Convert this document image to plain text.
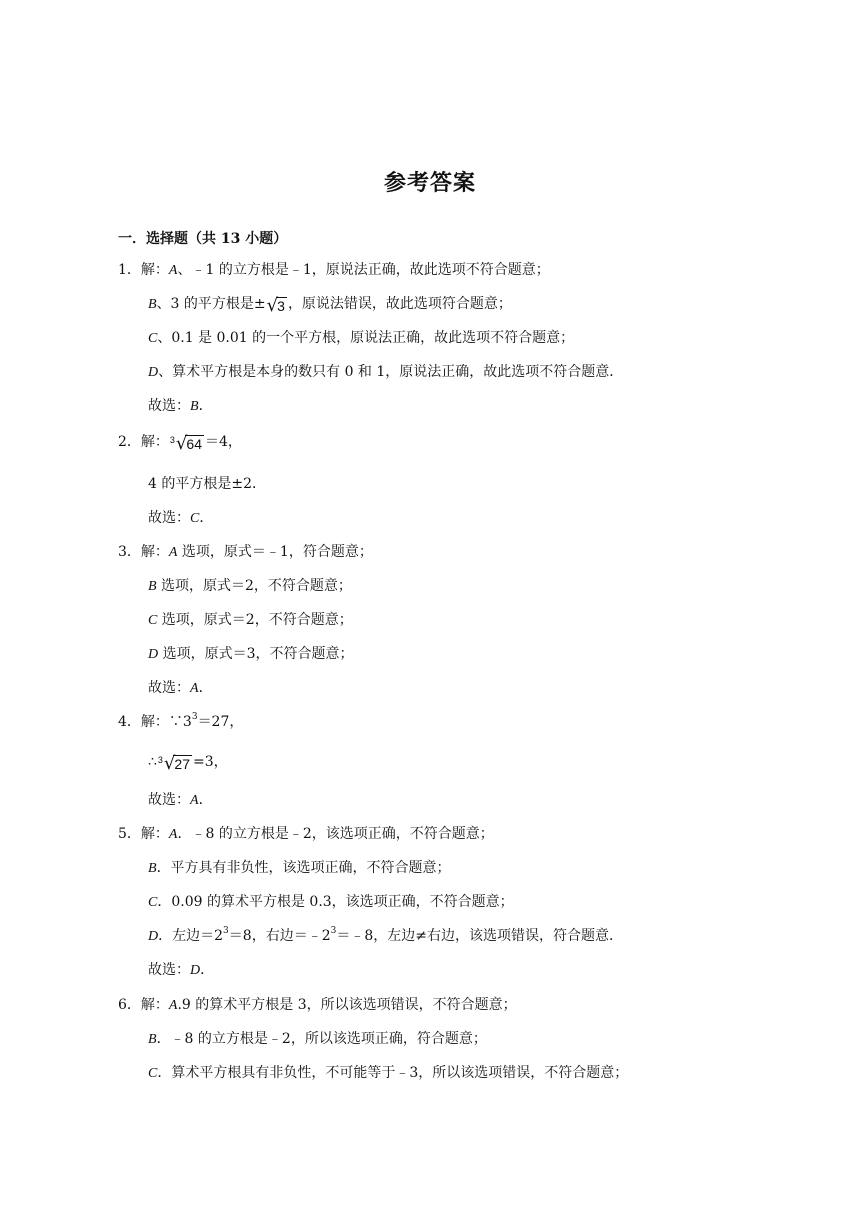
参考答案
一．选择题（共 13 小题）
1．解：A、﹣1 的立方根是﹣1，原说法正确，故此选项不符合题意；
B、3 的平方根是±√3 ，原说法错误，故此选项符合题意；
C、0.1 是 0.01 的一个平方根，原说法正确，故此选项不符合题意；
D、算术平方根是本身的数只有 0 和 1，原说法正确，故此选项不符合题意．
故选：B．
2．解： 3 √64 ＝4，
4 的平方根是±2．
故选：C．
3．解：A 选项，原式＝﹣1，符合题意；
B 选项，原式＝2，不符合题意；
C 选项，原式＝2，不符合题意；
D 选项，原式＝3，不符合题意；
故选：A．
4．解：$\because 3^3=27$，
∴ 3 √27 =3，
故选：A．
5．解：A．﹣8 的立方根是﹣2，该选项正确，不符合题意；
B．平方具有非负性，该选项正确，不符合题意；
C．0.09 的算术平方根是 0.3，该选项正确，不符合题意；
D．左边$=2^3=8$，右边$=﹣2^3=﹣8$，左边≠右边，该选项错误，符合题意．
故选：D．
6．解：A.9 的算术平方根是 3，所以该选项错误，不符合题意；
B．﹣8 的立方根是﹣2，所以该选项正确，符合题意；
C．算术平方根具有非负性，不可能等于﹣3，所以该选项错误，不符合题意；
